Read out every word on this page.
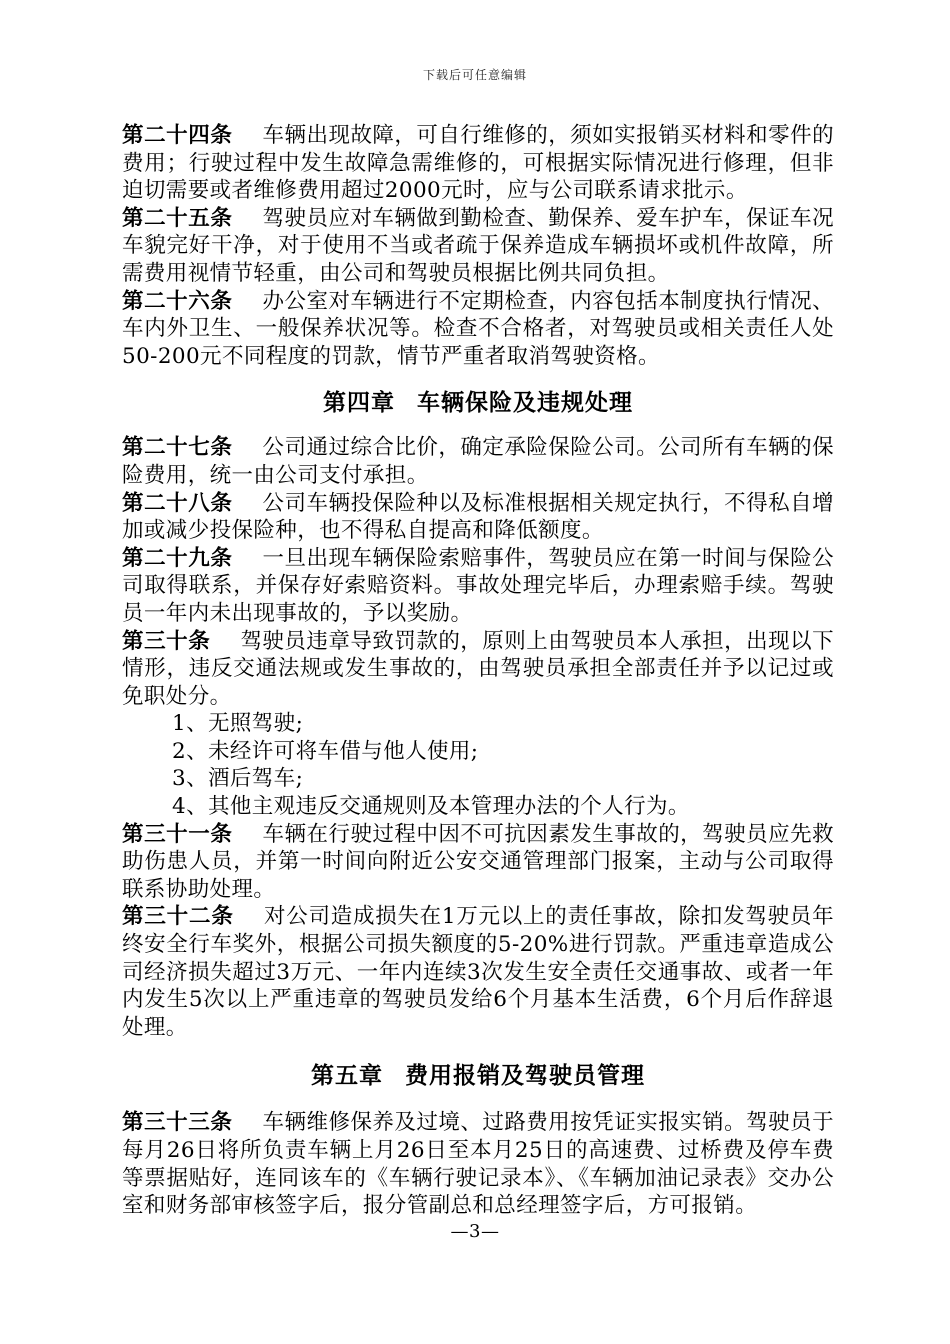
下载后可任意编辑

第二十四条 车辆出现故障，可自行维修的，须如实报销买材料和零件的费用；行驶过程中发生故障急需维修的，可根据实际情况进行修理，但非迫切需要或者维修费用超过2000元时，应与公司联系请求批示。

第二十五条 驾驶员应对车辆做到勤检查、勤保养、爱车护车，保证车况车貌完好干净，对于使用不当或者疏于保养造成车辆损坏或机件故障，所需费用视情节轻重，由公司和驾驶员根据比例共同负担。

第二十六条 办公室对车辆进行不定期检查，内容包括本制度执行情况、车内外卫生、一般保养状况等。检查不合格者，对驾驶员或相关责任人处50-200元不同程度的罚款，情节严重者取消驾驶资格。

第四章 车辆保险及违规处理

第二十七条 公司通过综合比价，确定承险保险公司。公司所有车辆的保险费用，统一由公司支付承担。

第二十八条 公司车辆投保险种以及标准根据相关规定执行，不得私自增加或减少投保险种，也不得私自提高和降低额度。

第二十九条 一旦出现车辆保险索赔事件，驾驶员应在第一时间与保险公司取得联系，并保存好索赔资料。事故处理完毕后，办理索赔手续。驾驶员一年内未出现事故的，予以奖励。

第三十条 驾驶员违章导致罚款的，原则上由驾驶员本人承担，出现以下情形，违反交通法规或发生事故的，由驾驶员承担全部责任并予以记过或免职处分。

1、无照驾驶;

2、未经许可将车借与他人使用;

3、酒后驾车;

4、其他主观违反交通规则及本管理办法的个人行为。

第三十一条 车辆在行驶过程中因不可抗因素发生事故的，驾驶员应先救助伤患人员，并第一时间向附近公安交通管理部门报案，主动与公司取得联系协助处理。

第三十二条 对公司造成损失在1万元以上的责任事故，除扣发驾驶员年终安全行车奖外，根据公司损失额度的5-20%进行罚款。严重违章造成公司经济损失超过3万元、一年内连续3次发生安全责任交通事故、或者一年内发生5次以上严重违章的驾驶员发给6个月基本生活费，6个月后作辞退处理。

第五章 费用报销及驾驶员管理

第三十三条 车辆维修保养及过境、过路费用按凭证实报实销。驾驶员于每月26日将所负责车辆上月26日至本月25日的高速费、过桥费及停车费等票据贴好，连同该车的《车辆行驶记录本》、《车辆加油记录表》交办公室和财务部审核签字后，报分管副总和总经理签字后，方可报销。

—3—
